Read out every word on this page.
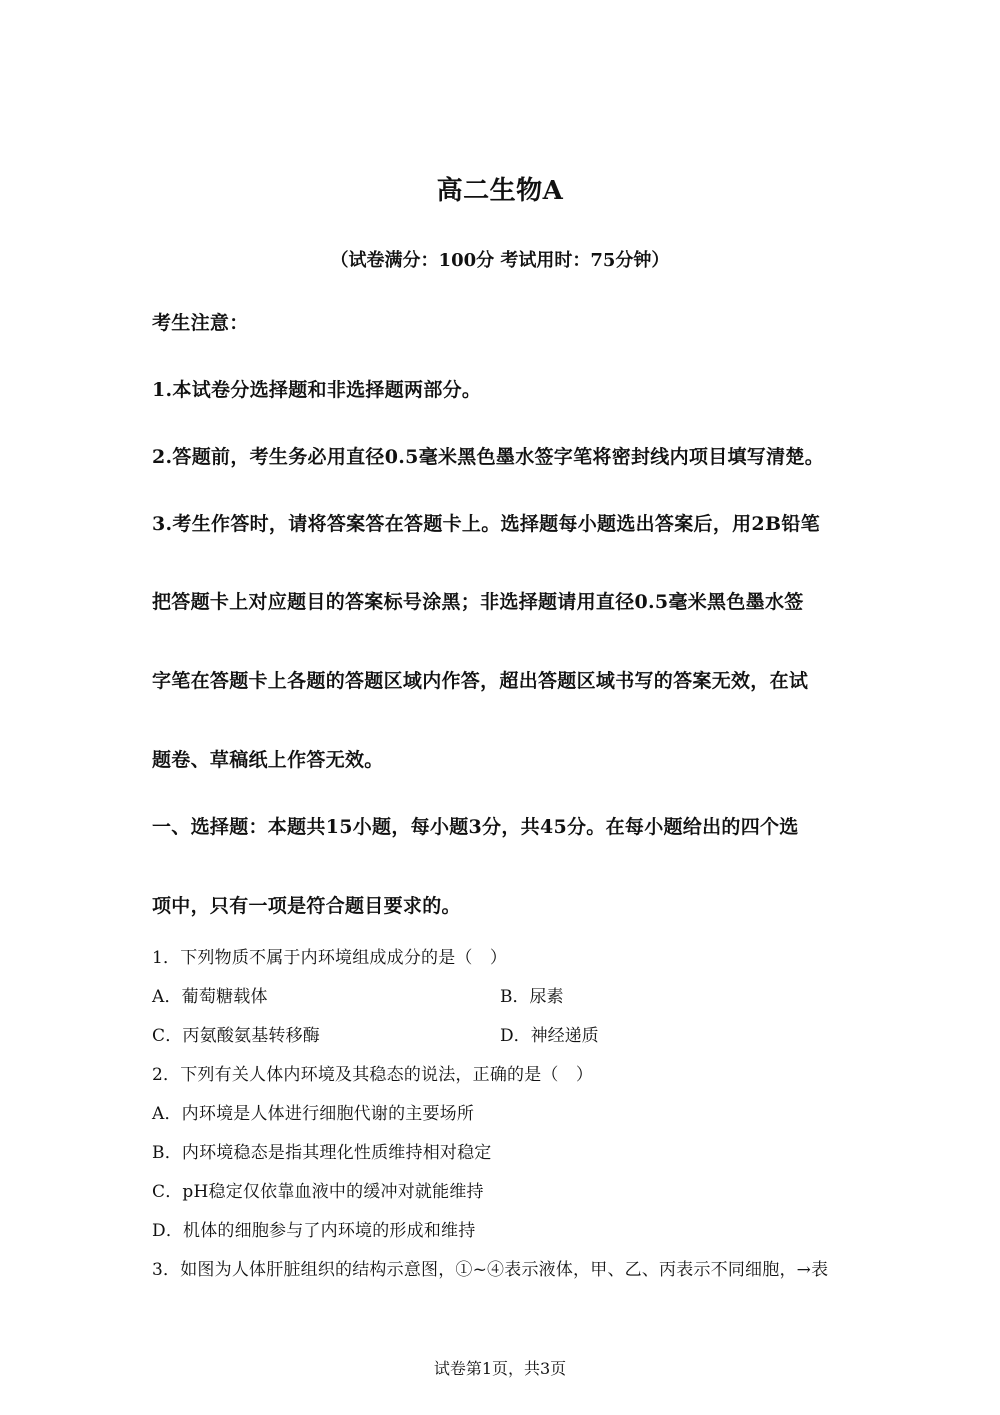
高二生物A
（试卷满分：100分 考试用时：75分钟）
考生注意：
1.本试卷分选择题和非选择题两部分。
2.答题前，考生务必用直径0.5毫米黑色墨水签字笔将密封线内项目填写清楚。
3.考生作答时，请将答案答在答题卡上。选择题每小题选出答案后，用2B铅笔
把答题卡上对应题目的答案标号涂黑；非选择题请用直径0.5毫米黑色墨水签
字笔在答题卡上各题的答题区域内作答，超出答题区域书写的答案无效，在试
题卷、草稿纸上作答无效。
一、选择题：本题共15小题，每小题3分，共45分。在每小题给出的四个选
项中，只有一项是符合题目要求的。
1．下列物质不属于内环境组成成分的是（　）
A．葡萄糖载体	B．尿素
C．丙氨酸氨基转移酶	D．神经递质
2．下列有关人体内环境及其稳态的说法，正确的是（　）
A．内环境是人体进行细胞代谢的主要场所
B．内环境稳态是指其理化性质维持相对稳定
C．pH稳定仅依靠血液中的缓冲对就能维持
D．机体的细胞参与了内环境的形成和维持
3．如图为人体肝脏组织的结构示意图，①~④表示液体，甲、乙、丙表示不同细胞，→表
试卷第1页，共3页
